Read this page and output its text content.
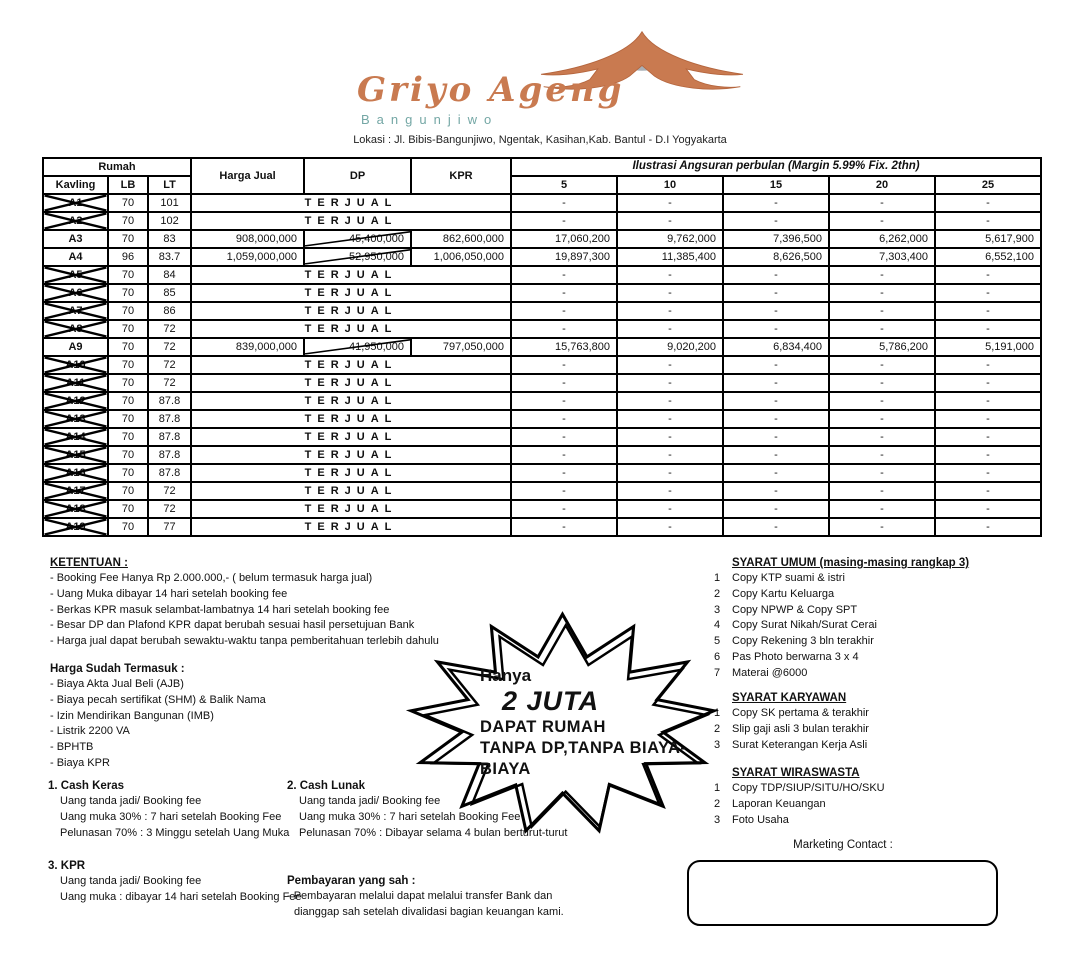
Griyo Ageng
Bangunjiwo
Lokasi : Jl. Bibis-Bangunjiwo, Ngentak, Kasihan,Kab. Bantul - D.I Yogyakarta
Rumah			Harga Jual	DP	KPR	Ilustrasi Angsuran perbulan (Margin 5.99% Fix. 2thn)				
Kavling	LB	LT				5	10	15	20	25
A1	70	101	TERJUAL			-	-	-	-	-
A2	70	102	TERJUAL			-	-	-	-	-
A3	70	83	908,000,000	45,400,000	862,600,000	17,060,200	9,762,000	7,396,500	6,262,000	5,617,900
A4	96	83.7	1,059,000,000	52,950,000	1,006,050,000	19,897,300	11,385,400	8,626,500	7,303,400	6,552,100
A5	70	84	TERJUAL			-	-	-	-	-
A6	70	85	TERJUAL			-	-	-	-	-
A7	70	86	TERJUAL			-	-	-	-	-
A8	70	72	TERJUAL			-	-	-	-	-
A9	70	72	839,000,000	41,950,000	797,050,000	15,763,800	9,020,200	6,834,400	5,786,200	5,191,000
A10	70	72	TERJUAL			-	-	-	-	-
A11	70	72	TERJUAL			-	-	-	-	-
A12	70	87.8	TERJUAL			-	-	-	-	-
A13	70	87.8	TERJUAL			-	-	-	-	-
A14	70	87.8	TERJUAL			-	-	-	-	-
A15	70	87.8	TERJUAL			-	-	-	-	-
A16	70	87.8	TERJUAL			-	-	-	-	-
A17	70	72	TERJUAL			-	-	-	-	-
A18	70	72	TERJUAL			-	-	-	-	-
A19	70	77	TERJUAL			-	-	-	-	-
KETENTUAN :
- Booking Fee Hanya Rp 2.000.000,- ( belum termasuk harga jual)
- Uang Muka dibayar 14 hari setelah booking fee
- Berkas KPR masuk selambat-lambatnya 14 hari setelah booking fee
- Besar DP dan Plafond KPR dapat berubah sesuai hasil persetujuan Bank
- Harga jual dapat berubah sewaktu-waktu tanpa pemberitahuan terlebih dahulu
Harga Sudah Termasuk :
- Biaya Akta Jual Beli (AJB)
- Biaya pecah sertifikat (SHM) & Balik Nama
- Izin Mendirikan Bangunan (IMB)
- Listrik 2200 VA
- BPHTB
- Biaya KPR
1. Cash Keras
Uang tanda jadi/ Booking fee
Uang muka 30% : 7 hari setelah Booking Fee
Pelunasan 70% : 3 Minggu setelah Uang Muka
2. Cash Lunak
Uang tanda jadi/ Booking fee
Uang muka 30% : 7 hari setelah Booking Fee
Pelunasan 70% : Dibayar selama 4 bulan berturut-turut
3. KPR
Uang tanda jadi/ Booking fee
Uang muka : dibayar 14 hari setelah Booking Fee
Pembayaran yang sah :
- Pembayaran melalui dapat melalui transfer Bank dan
dianggap sah setelah divalidasi bagian keuangan kami.
SYARAT UMUM (masing-masing rangkap 3)
1	Copy KTP suami & istri
2	Copy Kartu Keluarga
3	Copy NPWP & Copy SPT
4	Copy Surat Nikah/Surat Cerai
5	Copy Rekening 3 bln terakhir
6	Pas Photo berwarna 3 x 4
7	Materai @6000
SYARAT KARYAWAN
1	Copy SK pertama & terakhir
2	Slip gaji asli 3 bulan terakhir
3	Surat Keterangan Kerja Asli
SYARAT WIRASWASTA
1	Copy TDP/SIUP/SITU/HO/SKU
2	Laporan Keuangan
3	Foto Usaha
Hanya
2 JUTA
DAPAT RUMAH
TANPA DP,TANPA BIAYA-
BIAYA
Marketing Contact :
